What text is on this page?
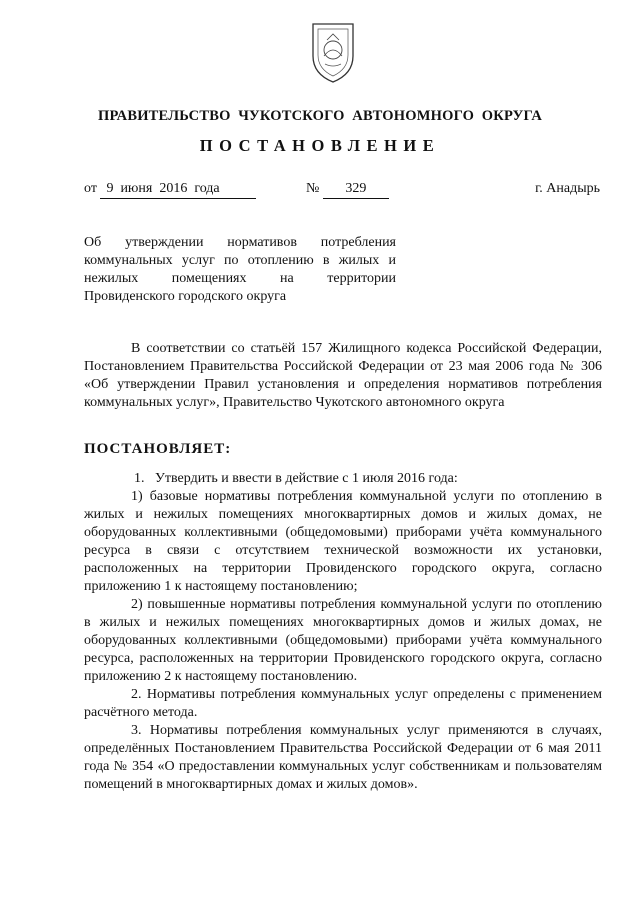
ПРАВИТЕЛЬСТВО  ЧУКОТСКОГО  АВТОНОМНОГО  ОКРУГА
ПОСТАНОВЛЕНИЕ
от 9  июня  2016  года	№ 329	г. Анадырь
Об утверждении нормативов потребления
коммунальных услуг по отоплению в жилых и
нежилых помещениях на территории
Провиденского городского округа

В соответствии со статьёй 157 Жилищного кодекса Российской Федерации, Постановлением Правительства Российской Федерации от 23 мая 2006 года № 306 «Об утверждении Правил установления и определения нормативов потребления коммунальных услуг», Правительство Чукотского автономного округа

ПОСТАНОВЛЯЕТ:

1.   Утвердить и ввести в действие с 1 июля 2016 года:

1) базовые нормативы потребления коммунальной услуги по отоплению в жилых и нежилых помещениях многоквартирных домов и жилых домах, не оборудованных коллективными (общедомовыми) приборами учёта коммунального ресурса в связи с отсутствием технической возможности их установки, расположенных на территории Провиденского городского округа, согласно приложению 1 к настоящему постановлению;

2) повышенные нормативы потребления коммунальной услуги по отоплению в жилых и нежилых помещениях многоквартирных домов и жилых домах, не оборудованных коллективными (общедомовыми) приборами учёта коммунального ресурса, расположенных на территории Провиденского городского округа, согласно приложению 2 к настоящему постановлению.

2. Нормативы потребления коммунальных услуг определены с применением расчётного метода.

3. Нормативы потребления коммунальных услуг применяются в случаях, определённых Постановлением Правительства Российской Федерации от 6 мая 2011 года № 354 «О предоставлении коммунальных услуг собственникам и пользователям помещений в многоквартирных домах и жилых домов».
